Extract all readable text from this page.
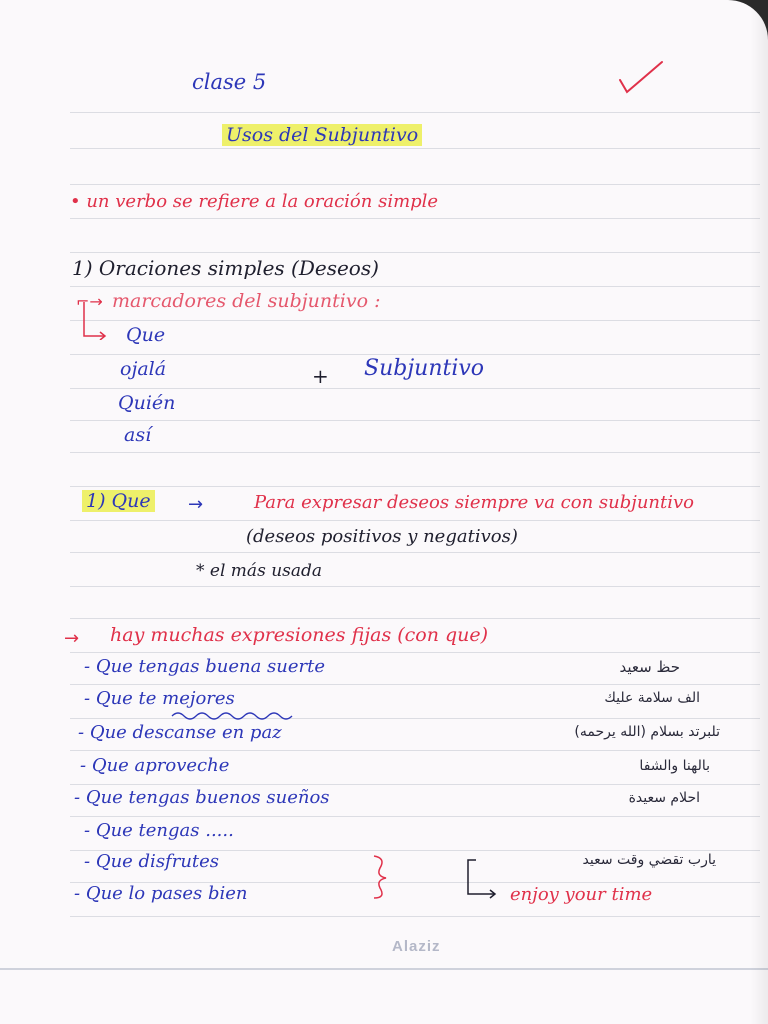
clase 5
Usos del Subjuntivo
• un verbo se refiere a la oración simple
1) Oraciones simples (Deseos)
⌐→ marcadores del subjuntivo :
Que
ojalá
Quién
así
+ Subjuntivo
1) Que →	Para expresar deseos siempre va con subjuntivo
(deseos positivos y negativos)
* el más usada
→ hay muchas expresiones fijas (con que)
- Que tengas buena suerte
- Que te mejores
- Que descanse en paz
- Que aproveche
- Que tengas buenos sueños
- Que tengas .....
- Que disfrutes
- Que lo pases bien
حظ سعيد
الف سلامة عليك
تلبرتد بسلام (الله يرحمه)
بالهنا والشفا
احلام سعيدة
يارب تقضي وقت سعيد
enjoy your time
Alaziz
